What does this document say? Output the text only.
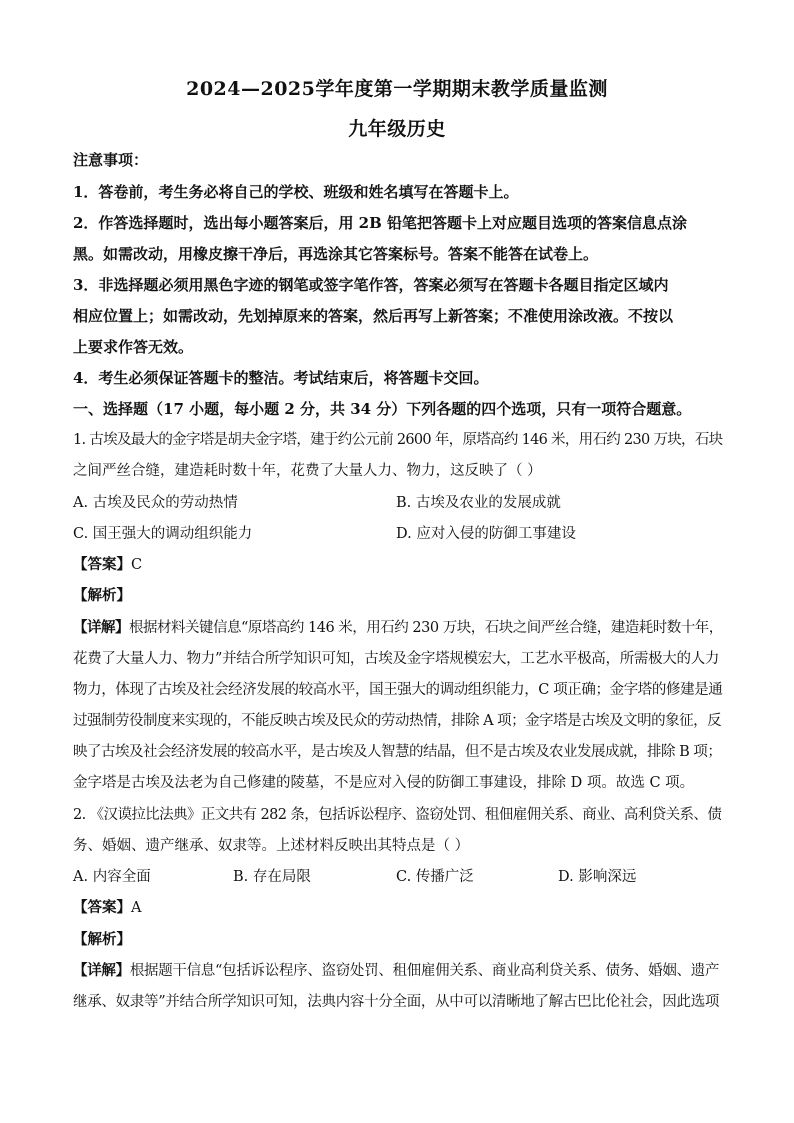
2024—2025学年度第一学期期末教学质量监测
九年级历史
注意事项：
1．答卷前，考生务必将自己的学校、班级和姓名填写在答题卡上。
2．作答选择题时，选出每小题答案后，用 2B 铅笔把答题卡上对应题目选项的答案信息点涂
黑。如需改动，用橡皮擦干净后，再选涂其它答案标号。答案不能答在试卷上。
3．非选择题必须用黑色字迹的钢笔或签字笔作答，答案必须写在答题卡各题目指定区域内
相应位置上；如需改动，先划掉原来的答案，然后再写上新答案；不准使用涂改液。不按以
上要求作答无效。
4．考生必须保证答题卡的整洁。考试结束后，将答题卡交回。
一、选择题（17 小题，每小题 2 分，共 34 分）下列各题的四个选项，只有一项符合题意。
1. 古埃及最大的金字塔是胡夫金字塔，建于约公元前 2600 年，原塔高约 146 米，用石约 230 万块，石块
之间严丝合缝，建造耗时数十年，花费了大量人力、物力，这反映了（ ）
A. 古埃及民众的劳动热情	B. 古埃及农业的发展成就
C. 国王强大的调动组织能力	D. 应对入侵的防御工事建设
【答案】C
【解析】
【详解】根据材料关键信息“原塔高约 146 米，用石约 230 万块，石块之间严丝合缝，建造耗时数十年，
花费了大量人力、物力”并结合所学知识可知，古埃及金字塔规模宏大，工艺水平极高，所需极大的人力
物力，体现了古埃及社会经济发展的较高水平，国王强大的调动组织能力，C 项正确；金字塔的修建是通
过强制劳役制度来实现的，不能反映古埃及民众的劳动热情，排除 A 项；金字塔是古埃及文明的象征，反
映了古埃及社会经济发展的较高水平，是古埃及人智慧的结晶，但不是古埃及农业发展成就，排除 B 项；
金字塔是古埃及法老为自己修建的陵墓，不是应对入侵的防御工事建设，排除 D 项。故选 C 项。
2. 《汉谟拉比法典》正文共有 282 条，包括诉讼程序、盗窃处罚、租佃雇佣关系、商业、高利贷关系、债
务、婚姻、遗产继承、奴隶等。上述材料反映出其特点是（ ）
A. 内容全面	B. 存在局限	C. 传播广泛	D. 影响深远
【答案】A
【解析】
【详解】根据题干信息“包括诉讼程序、盗窃处罚、租佃雇佣关系、商业高利贷关系、债务、婚姻、遗产
继承、奴隶等”并结合所学知识可知，法典内容十分全面，从中可以清晰地了解古巴比伦社会，因此选项
